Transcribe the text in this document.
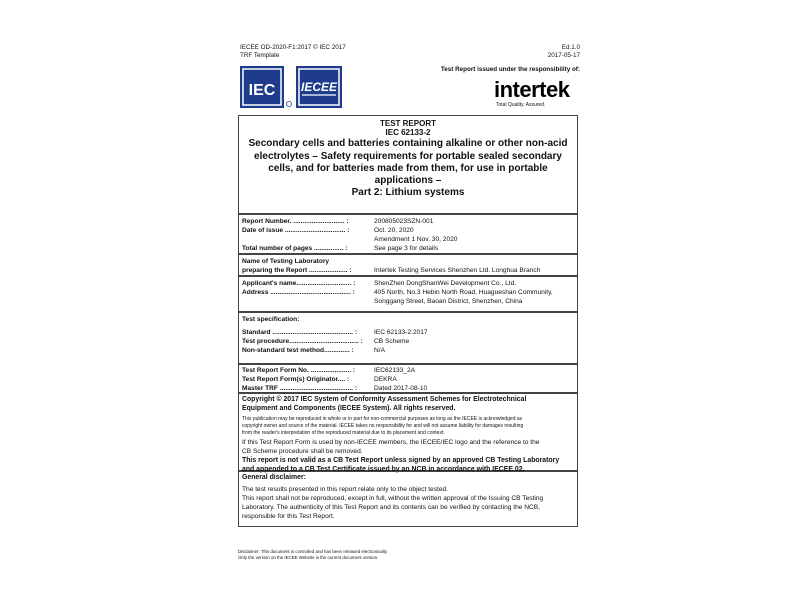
IECEE OD-2020-F1:2017 © IEC 2017
TRF Template
Ed.1.0
2017-05-17
Test Report issued under the responsibility of:
IEC IECEE	intertek
Total Quality. Assured.
TEST REPORT
IEC 62133-2
Secondary cells and batteries containing alkaline or other non-acid
electrolytes – Safety requirements for portable sealed secondary
cells, and for batteries made from them, for use in portable
applications –
Part 2: Lithium systems
Report Number. ............................ :	200805023SZN-001
Date of issue ................................. :	Oct. 20, 2020
Amendment 1 Nov. 30, 2020
Total number of pages ................ :	See page 3 for details
Name of Testing Laboratory
preparing the Report ..................... :	Intertek Testing Services Shenzhen Ltd. Longhua Branch
Applicant's name.............................. :	ShenZhen DongShanWei Development Co., Ltd.
Address ............................................ :	405 North, No.3 Hebin North Road, Huagueshan Community,
Songgang Street, Baoan District, Shenzhen, China
Test specification:
Standard ............................................ :	IEC 62133-2:2017
Test procedure...................................... :	CB Scheme
Non-standard test method.............. :	N/A
Test Report Form No. ...................... :	IEC62133_2A
Test Report Form(s) Originator.... :	DEKRA
Master TRF ........................................ :	Dated 2017-08-10
Copyright © 2017 IEC System of Conformity Assessment Schemes for Electrotechnical
Equipment and Components (IECEE System). All rights reserved.
This publication may be reproduced in whole or in part for non-commercial purposes as long as the IECEE is acknowledged as
copyright owner and source of the material. IECEE takes no responsibility for and will not assume liability for damages resulting
from the reader's interpretation of the reproduced material due to its placement and context.
If this Test Report Form is used by non-IECEE members, the IECEE/IEC logo and the reference to the
CB Scheme procedure shall be removed.
This report is not valid as a CB Test Report unless signed by an approved CB Testing Laboratory
and appended to a CB Test Certificate issued by an NCB in accordance with IECEE 02.
General disclaimer:
The test results presented in this report relate only to the object tested.
This report shall not be reproduced, except in full, without the written approval of the Issuing CB Testing
Laboratory. The authenticity of this Test Report and its contents can be verified by contacting the NCB,
responsible for this Test Report.
Disclaimer: This document is controlled and has been released electronically.
Only the version on the IECEE Website is the current document version.
